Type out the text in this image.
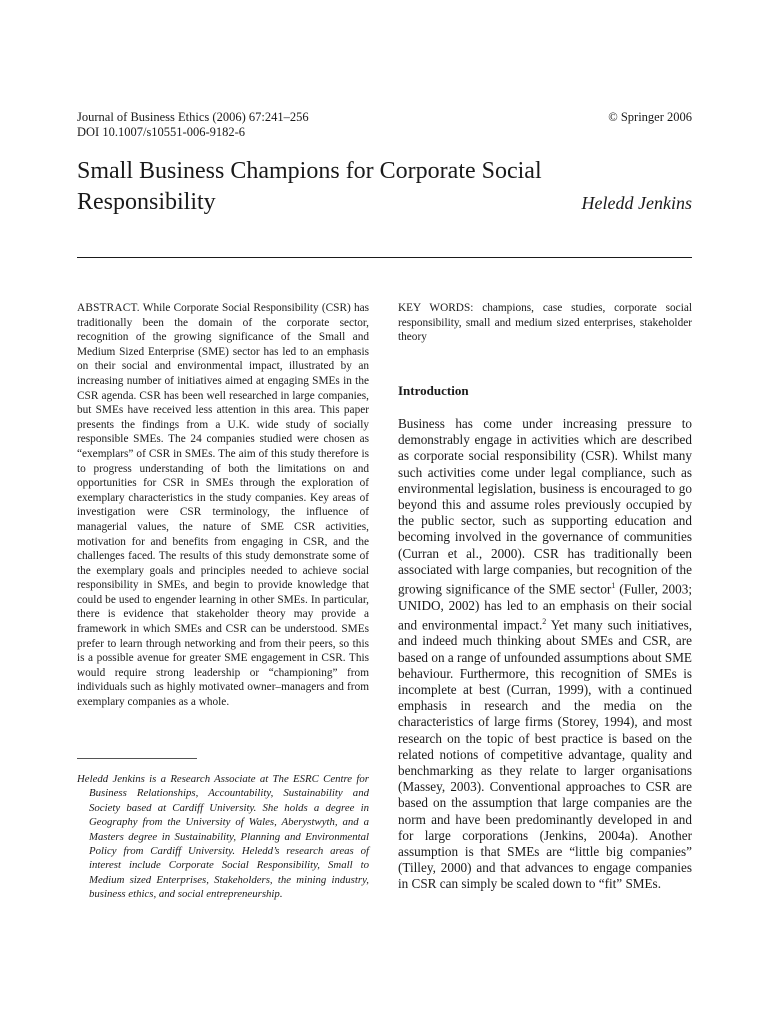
Journal of Business Ethics (2006) 67:241–256
DOI 10.1007/s10551-006-9182-6
© Springer 2006
Small Business Champions for Corporate Social Responsibility	Heledd Jenkins

ABSTRACT. While Corporate Social Responsibility (CSR) has traditionally been the domain of the corporate sector, recognition of the growing significance of the Small and Medium Sized Enterprise (SME) sector has led to an emphasis on their social and environmental impact, illustrated by an increasing number of initiatives aimed at engaging SMEs in the CSR agenda. CSR has been well researched in large companies, but SMEs have received less attention in this area. This paper presents the findings from a U.K. wide study of socially responsible SMEs. The 24 companies studied were chosen as “exemplars” of CSR in SMEs. The aim of this study therefore is to progress understanding of both the limitations on and opportunities for CSR in SMEs through the exploration of exemplary characteristics in the study companies. Key areas of investigation were CSR terminology, the influence of managerial values, the nature of SME CSR activities, motivation for and benefits from engaging in CSR, and the challenges faced. The results of this study demonstrate some of the exemplary goals and principles needed to achieve social responsibility in SMEs, and begin to provide knowledge that could be used to engender learning in other SMEs. In particular, there is evidence that stakeholder theory may provide a framework in which SMEs and CSR can be understood. SMEs prefer to learn through networking and from their peers, so this is a possible avenue for greater SME engagement in CSR. This would require strong leadership or “championing” from individuals such as highly motivated owner–managers and from exemplary companies as a whole.

Heledd Jenkins is a Research Associate at The ESRC Centre for Business Relationships, Accountability, Sustainability and Society based at Cardiff University. She holds a degree in Geography from the University of Wales, Aberystwyth, and a Masters degree in Sustainability, Planning and Environmental Policy from Cardiff University. Heledd’s research areas of interest include Corporate Social Responsibility, Small to Medium sized Enterprises, Stakeholders, the mining industry, business ethics, and social entrepreneurship.

KEY WORDS: champions, case studies, corporate social responsibility, small and medium sized enterprises, stakeholder theory

Introduction

Business has come under increasing pressure to demonstrably engage in activities which are described as corporate social responsibility (CSR). Whilst many such activities come under legal compliance, such as environmental legislation, business is encouraged to go beyond this and assume roles previously occupied by the public sector, such as supporting education and becoming involved in the governance of communities (Curran et al., 2000). CSR has traditionally been associated with large companies, but recognition of the growing significance of the SME sector$^1$ (Fuller, 2003; UNIDO, 2002) has led to an emphasis on their social and environmental impact.$^2$ Yet many such initiatives, and indeed much thinking about SMEs and CSR, are based on a range of unfounded assumptions about SME behaviour. Furthermore, this recognition of SMEs is incomplete at best (Curran, 1999), with a continued emphasis in research and the media on the characteristics of large firms (Storey, 1994), and most research on the topic of best practice is based on the related notions of competitive advantage, quality and benchmarking as they relate to larger organisations (Massey, 2003). Conventional approaches to CSR are based on the assumption that large companies are the norm and have been predominantly developed in and for large corporations (Jenkins, 2004a). Another assumption is that SMEs are “little big companies” (Tilley, 2000) and that advances to engage companies in CSR can simply be scaled down to “fit” SMEs.
